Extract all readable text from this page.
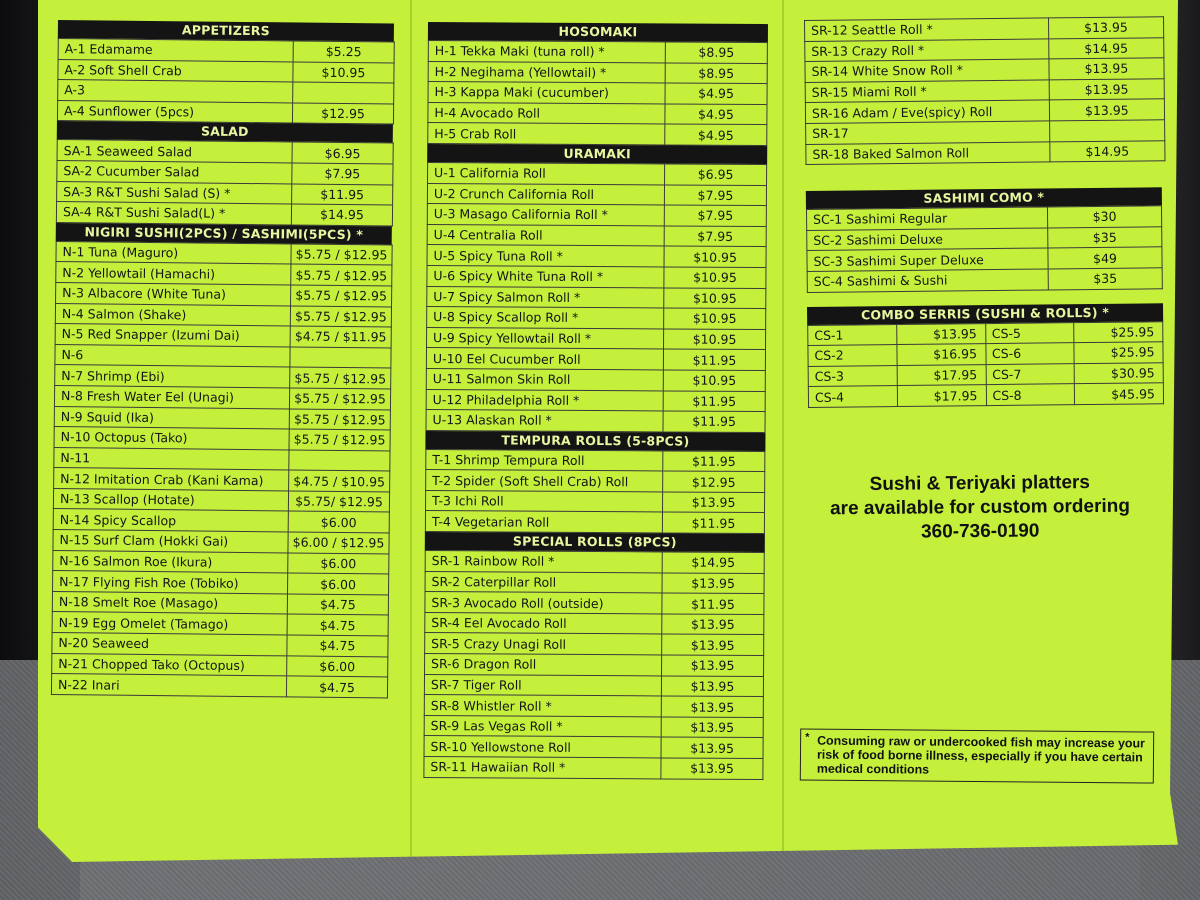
APPETIZERS
A-1 Edamame	$5.25
A-2 Soft Shell Crab	$10.95
A-3	
A-4 Sunflower (5pcs)	$12.95
SALAD
SA-1 Seaweed Salad	$6.95
SA-2 Cucumber Salad	$7.95
SA-3 R&T Sushi Salad (S) *	$11.95
SA-4 R&T Sushi Salad(L) *	$14.95
NIGIRI SUSHI(2PCS) / SASHIMI(5PCS) *
N-1 Tuna (Maguro)	$5.75 / $12.95
N-2 Yellowtail (Hamachi)	$5.75 / $12.95
N-3 Albacore (White Tuna)	$5.75 / $12.95
N-4 Salmon (Shake)	$5.75 / $12.95
N-5 Red Snapper (Izumi Dai)	$4.75 / $11.95
N-6	
N-7 Shrimp (Ebi)	$5.75 / $12.95
N-8 Fresh Water Eel (Unagi)	$5.75 / $12.95
N-9 Squid (Ika)	$5.75 / $12.95
N-10 Octopus (Tako)	$5.75 / $12.95
N-11	
N-12 Imitation Crab (Kani Kama)	$4.75 / $10.95
N-13 Scallop (Hotate)	$5.75/ $12.95
N-14 Spicy Scallop	$6.00
N-15 Surf Clam (Hokki Gai)	$6.00 / $12.95
N-16 Salmon Roe (Ikura)	$6.00
N-17 Flying Fish Roe (Tobiko)	$6.00
N-18 Smelt Roe (Masago)	$4.75
N-19 Egg Omelet (Tamago)	$4.75
N-20 Seaweed	$4.75
N-21 Chopped Tako (Octopus)	$6.00
N-22 Inari	$4.75
HOSOMAKI
H-1 Tekka Maki (tuna roll) *	$8.95
H-2 Negihama (Yellowtail) *	$8.95
H-3 Kappa Maki (cucumber)	$4.95
H-4 Avocado Roll	$4.95
H-5 Crab Roll	$4.95
URAMAKI
U-1 California Roll	$6.95
U-2 Crunch California Roll	$7.95
U-3 Masago California Roll *	$7.95
U-4 Centralia Roll	$7.95
U-5 Spicy Tuna Roll *	$10.95
U-6 Spicy White Tuna Roll *	$10.95
U-7 Spicy Salmon Roll *	$10.95
U-8 Spicy Scallop Roll *	$10.95
U-9 Spicy Yellowtail Roll *	$10.95
U-10 Eel Cucumber Roll	$11.95
U-11 Salmon Skin Roll	$10.95
U-12 Philadelphia Roll *	$11.95
U-13 Alaskan Roll *	$11.95
TEMPURA ROLLS (5-8PCS)
T-1 Shrimp Tempura Roll	$11.95
T-2 Spider (Soft Shell Crab) Roll	$12.95
T-3 Ichi Roll	$13.95
T-4 Vegetarian Roll	$11.95
SPECIAL ROLLS (8PCS)
SR-1 Rainbow Roll *	$14.95
SR-2 Caterpillar Roll	$13.95
SR-3 Avocado Roll (outside)	$11.95
SR-4 Eel Avocado Roll	$13.95
SR-5 Crazy Unagi Roll	$13.95
SR-6 Dragon Roll	$13.95
SR-7 Tiger Roll	$13.95
SR-8 Whistler Roll *	$13.95
SR-9 Las Vegas Roll *	$13.95
SR-10 Yellowstone Roll	$13.95
SR-11 Hawaiian Roll *	$13.95
SR-12 Seattle Roll *	$13.95
SR-13 Crazy Roll *	$14.95
SR-14 White Snow Roll *	$13.95
SR-15 Miami Roll *	$13.95
SR-16 Adam / Eve(spicy) Roll	$13.95
SR-17	
SR-18 Baked Salmon Roll	$14.95
SASHIMI COMO *
SC-1 Sashimi Regular	$30
SC-2 Sashimi Deluxe	$35
SC-3 Sashimi Super Deluxe	$49
SC-4 Sashimi & Sushi	$35
COMBO SERRIS (SUSHI & ROLLS) *
CS-1	$13.95	CS-5	$25.95
CS-2	$16.95	CS-6	$25.95
CS-3	$17.95	CS-7	$30.95
CS-4	$17.95	CS-8	$45.95
Sushi & Teriyaki platters
are available for custom ordering
360-736-0190
* Consuming raw or undercooked fish may increase your risk of food borne illness, especially if you have certain medical conditions
